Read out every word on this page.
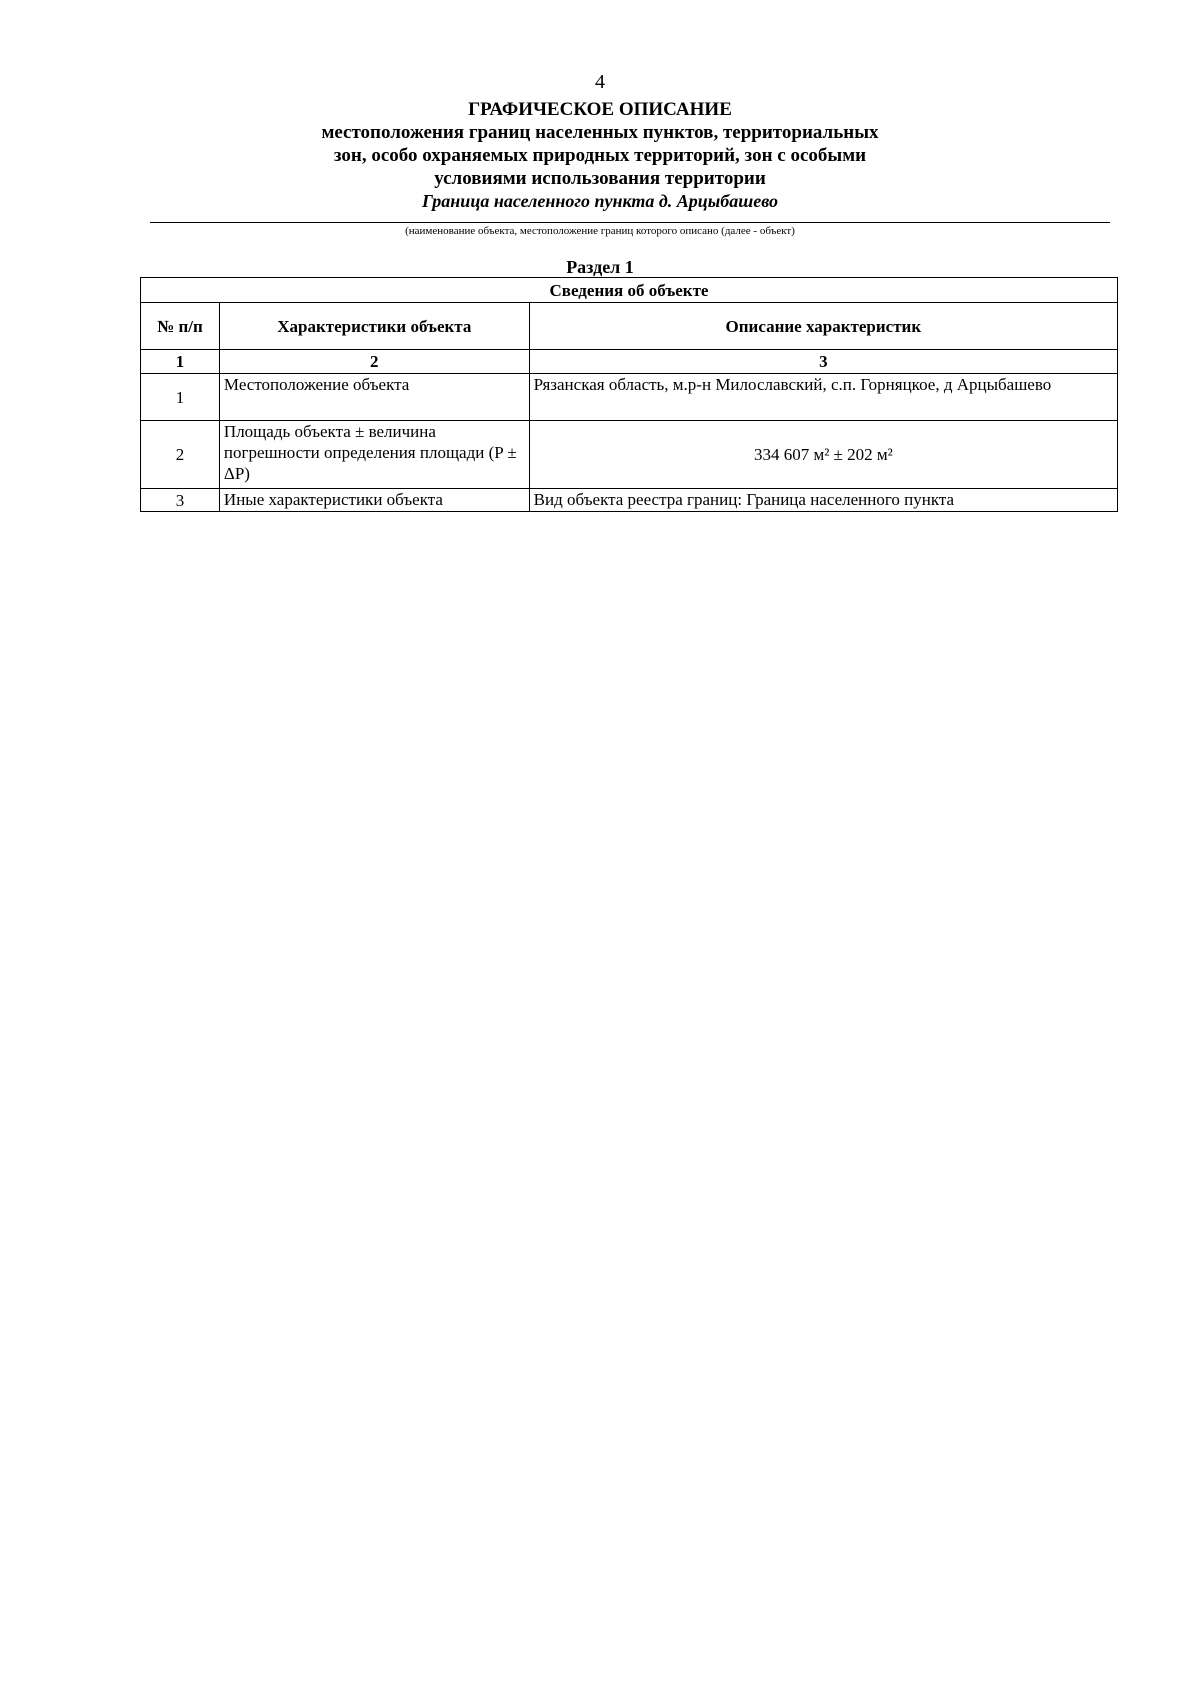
4
ГРАФИЧЕСКОЕ ОПИСАНИЕ
местоположения границ населенных пунктов, территориальных
зон, особо охраняемых природных территорий, зон с особыми
условиями использования территории
Граница населенного пункта д. Арцыбашево
(наименование объекта, местоположение границ которого описано (далее - объект)
Раздел 1
Сведения об объекте		
№ п/п	Характеристики объекта	Описание характеристик
1	2	3
1	Местоположение объекта	Рязанская область, м.р-н Милославский, с.п. Горняцкое, д Арцыбашево
2	Площадь объекта ± величина погрешности определения площади (P ± ΔP)	334 607 м² ± 202 м²
3	Иные характеристики объекта	Вид объекта реестра границ: Граница населенного пункта
